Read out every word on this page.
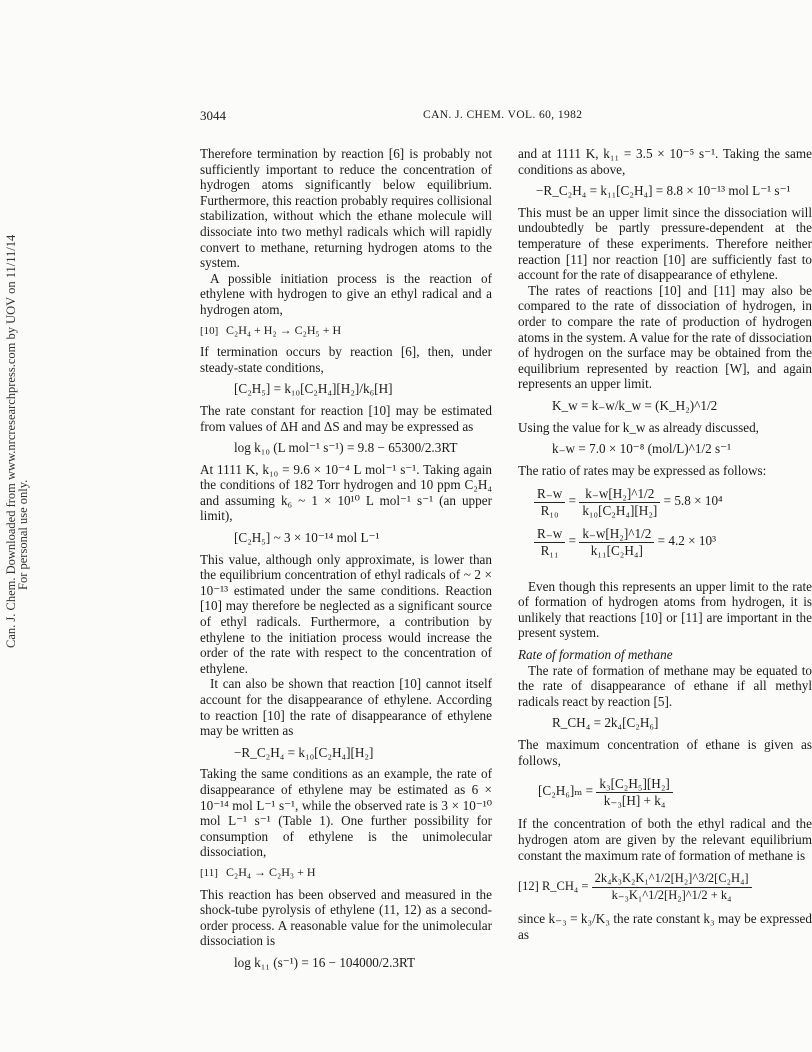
Can. J. Chem. Downloaded from www.nrcresearchpress.com by UOV on 11/11/14
For personal use only.
3044	CAN. J. CHEM. VOL. 60, 1982

Therefore termination by reaction [6] is probably not sufficiently important to reduce the concentration of hydrogen atoms significantly below equilibrium. Furthermore, this reaction probably requires collisional stabilization, without which the ethane molecule will dissociate into two methyl radicals which will rapidly convert to methane, returning hydrogen atoms to the system.

A possible initiation process is the reaction of ethylene with hydrogen to give an ethyl radical and a hydrogen atom,

[10] C₂H₄ + H₂ → C₂H₅ + H

If termination occurs by reaction [6], then, under steady-state conditions,

[C₂H₅] = k₁₀[C₂H₄][H₂]/k₆[H]

The rate constant for reaction [10] may be estimated from values of ΔH and ΔS and may be expressed as

log k₁₀ (L mol⁻¹ s⁻¹) = 9.8 − 65300/2.3RT

At 1111 K, k₁₀ = 9.6 × 10⁻⁴ L mol⁻¹ s⁻¹. Taking again the conditions of 182 Torr hydrogen and 10 ppm C₂H₄ and assuming k₆ ~ 1 × 10¹⁰ L mol⁻¹ s⁻¹ (an upper limit),

[C₂H₅] ~ 3 × 10⁻¹⁴ mol L⁻¹

This value, although only approximate, is lower than the equilibrium concentration of ethyl radicals of ~ 2 × 10⁻¹³ estimated under the same conditions. Reaction [10] may therefore be neglected as a significant source of ethyl radicals. Furthermore, a contribution by ethylene to the initiation process would increase the order of the rate with respect to the concentration of ethylene.

It can also be shown that reaction [10] cannot itself account for the disappearance of ethylene. According to reaction [10] the rate of disappearance of ethylene may be written as

−R_C₂H₄ = k₁₀[C₂H₄][H₂]

Taking the same conditions as an example, the rate of disappearance of ethylene may be estimated as 6 × 10⁻¹⁴ mol L⁻¹ s⁻¹, while the observed rate is 3 × 10⁻¹⁰ mol L⁻¹ s⁻¹ (Table 1). One further possibility for consumption of ethylene is the unimolecular dissociation,

[11] C₂H₄ → C₂H₃ + H

This reaction has been observed and measured in the shock-tube pyrolysis of ethylene (11, 12) as a second-order process. A reasonable value for the unimolecular dissociation is

log k₁₁ (s⁻¹) = 16 − 104000/2.3RT

and at 1111 K, k₁₁ = 3.5 × 10⁻⁵ s⁻¹. Taking the same conditions as above,

−R_C₂H₄ = k₁₁[C₂H₄] = 8.8 × 10⁻¹³ mol L⁻¹ s⁻¹

This must be an upper limit since the dissociation will undoubtedly be partly pressure-dependent at the temperature of these experiments. Therefore neither reaction [11] nor reaction [10] are sufficiently fast to account for the rate of disappearance of ethylene.

The rates of reactions [10] and [11] may also be compared to the rate of dissociation of hydrogen, in order to compare the rate of production of hydrogen atoms in the system. A value for the rate of dissociation of hydrogen on the surface may be obtained from the equilibrium represented by reaction [W], and again represents an upper limit.

K_w = k₋w/k_w = (K_H₂)^1/2

Using the value for k_w as already discussed,

k₋w = 7.0 × 10⁻⁸ (mol/L)^1/2 s⁻¹

The ratio of rates may be expressed as follows:

$\frac{R_-w}{\text{R₁₀}} = \frac{\text{k₋w[H₂]\textasciicircum{}1/2}}{\text{k₁₀[C₂H₄][H₂]}} = 5.8 \times 10^4$
$\frac{R_-w}{\text{R₁₁}} = \frac{\text{k₋w[H₂]\textasciicircum{}1/2}}{\text{k₁₁[C₂H₄]}} = 4.2 \times 10^3$

Even though this represents an upper limit to the rate of formation of hydrogen atoms from hydrogen, it is unlikely that reactions [10] or [11] are important in the present system.

Rate of formation of methane

The rate of formation of methane may be equated to the rate of disappearance of ethane if all methyl radicals react by reaction [5].

R_CH₄ = 2k₄[C₂H₆]

The maximum concentration of ethane is given as follows,

$[C_2H_6]_m = \frac{\text{k₃[C₂H₅][H₂]}}{\text{k₋₃[H] + k₄}}$

If the concentration of both the ethyl radical and the hydrogen atom are given by the relevant equilibrium constant the maximum rate of formation of methane is

[12] R_CH₄ = $\frac{\text{2k₄k₃K₂K₁\textasciicircum{}1/2[H₂]\textasciicircum{}3/2[C₂H₄]}}{\text{k₋₃K₁\textasciicircum{}1/2[H₂]\textasciicircum{}1/2 + k₄}}$

since k₋₃ = k₃/K₃ the rate constant k₃ may be expressed as
